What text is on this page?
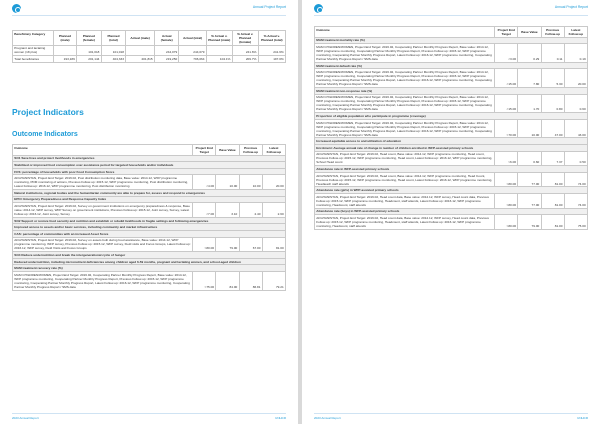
Annual Project Report
Beneficiary Category	Planned (male)	Planned (female)	Planned (total)	Actual (male)	Actual (female)	Actual (total)	% Actual v. Planned (male)	% Actual v. Planned (female)	% Actual v. Planned (total)
Pregnant and lactating women (18 plus)		101,018	101,018		244,079	244,079		241.6%	241.6%
Total beneficiaries	193,189	201,144	404,333	201,815	219,250	796,064	104.1%	209.7%	197.0%
Project Indicators
Outcome Indicators
Outcome	Project End Target	Base Value	Previous Follow-up	Latest Follow-up
SO1 Save lives and protect livelihoods in emergencies				
Stabilized or improved food consumption over assistance period for targeted households and/or individuals				
FCS: percentage of households with poor Food Consumption Score				
AFGHANISTAN, Project End Target: 2016.02, Post distribution monitoring data, Base value: 2014.12, WFP programme monitoring, PDM monitoring of actions, Previous Follow-up: 2015.12, WFP programme monitoring, Post distribution monitoring, Latest Follow-up: 2016.12, WFP programme monitoring, Post distribution monitoring	<4.00	10.00	10.00	20.00
Natural institutions, regional bodies and the humanitarian community are able to prepare for, assess and respond to emergencies				
EPCI: Emergency Preparedness and Response Capacity Index				
AFGHANISTAN, Project End Target: 2016.02, Survey on government institutions on emergency preparedness & response, Base value: 2014.12, WFP survey, WFP Survey on government institutions, Previous Follow-up: 2015.12, Joint survey, Survey, Latest Follow-up: 2016.12, Joint survey, Survey	<7.00	3.10	2.40	2.60
SO2 Support or restore food security and nutrition and establish or rebuild livelihoods in fragile settings and following emergencies				
Improved access to assets and/or basic services, including community and market infrastructure				
CAS: percentage of communities with an increased Asset Score				
AFGHANISTAN, Project End Target: 2016.02, Survey on assets built during food assistance, Base value: 2014.12, WFP programme monitoring, WFP survey, Previous Follow-up: 2015.12, WFP survey, Field visits and Focus Groups, Latest Follow-up: 2016.12, WFP survey, Field Visits and Focus Groups	>80.00	79.00	67.00	81.00
SO4 Reduce undernutrition and break the intergenerational cycle of hunger				
Reduced undernutrition, including micronutrient deficiencies among children aged 6-59 months, pregnant and lactating women, and school-aged children				
MAM treatment recovery rate (%)				
MAM CHILDREN/WOMEN, Project End Target: 2016.02, Cooperating Partner Monthly Progress Report, Base value: 2014.12, WFP programme monitoring, Cooperating Partner Monthly Progress Report, Previous Follow-up: 2015.12, WFP programme monitoring, Cooperating Partner Monthly Progress Report, Latest Follow-up: 2016.12, WFP programme monitoring, Cooperating Partner Monthly Progress Report / SMS data	>75.00	84.00	86.81	79.21
2023 Annual Report	UNHCR
Annual Project Report
Outcome	Project End Target	Base Value	Previous Follow-up	Latest Follow-up
MAM treatment mortality rate (%)				
MAM CHILDREN/WOMEN, Project End Target: 2016.02, Cooperating Partner Monthly Progress Report, Base value: 2014.12, WFP programme monitoring, Cooperating Partner Monthly Progress Report, Previous Follow-up: 2015.12, WFP programme monitoring, Cooperating Partner Monthly Progress Report, Latest Follow-up: 2016.12, WFP programme monitoring, Cooperating Partner Monthly Progress Report / SMS data	<3.00	0.29	0.11	0.19
MAM treatment default rate (%)				
MAM CHILDREN/WOMEN, Project End Target: 2016.02, Cooperating Partner Monthly Progress Report, Base value: 2014.12, WFP programme monitoring, Cooperating Partner Monthly Progress Report, Previous Follow-up: 2015.12, WFP programme monitoring, Cooperating Partner Monthly Progress Report, Latest Follow-up: 2016.12, WFP programme monitoring, Cooperating Partner Monthly Progress Report / SMS data	<15.00	7.80	5.30	20.00
MAM treatment non-response rate (%)				
MAM CHILDREN/WOMEN, Project End Target: 2016.02, Cooperating Partner Monthly Progress Report, Base value: 2014.12, WFP programme monitoring, Cooperating Partner Monthly Progress Report, Previous Follow-up: 2015.12, WFP programme monitoring, Cooperating Partner Monthly Progress Report, Latest Follow-up: 2016.12, WFP programme monitoring, Cooperating Partner Monthly Progress Report / SMS data	<15.00	1.70	0.80	0.60
Proportion of eligible population who participate in programme (coverage)				
MAM CHILDREN/WOMEN, Project End Target: 2016.02, Cooperating Partner Monthly Progress Report, Base value: 2014.12, WFP programme monitoring, Cooperating Partner Monthly Progress Report, Previous Follow-up: 2015.12, WFP programme monitoring, Cooperating Partner Monthly Progress Report, Latest Follow-up: 2016.12, WFP programme monitoring, Cooperating Partner Monthly Progress Report / SMS data	>70.00	10.00	47.00	43.00
Increased equitable access to and utilization of education				
Enrolment: Average annual rate of change in number of children enrolled in WFP-assisted primary schools				
AFGHANISTAN, Project End Target: 2016.02, Head count, Base value: 2014.12, WFP programme monitoring, Head count, Previous Follow-up: 2015.12, WFP programme monitoring, Head count, Latest Follow-up: 2016.12, WFP programme monitoring, School Head count	>6.00	0.60	7.37	0.50
Attendance rate in WFP-assisted primary schools				
AFGHANISTAN, Project End Target: 2016.02, Head count, Base value: 2014.12, WFP programme monitoring, Head Count, Previous Follow-up: 2015.12, WFP programme monitoring, Head count, Latest Follow-up: 2016.12, WFP programme monitoring, Headteach staff attends	>80.00	77.00	81.00	74.00
Attendance rate (girls) in WFP-assisted primary schools				
AFGHANISTAN, Project End Target: 2016.02, Head count data, Base value: 2014.12, WFP survey, Head count data, Previous Follow-up: 2015.12, WFP programme monitoring, Headcount, staff attends, Latest Follow-up: 2016.12, WFP programme monitoring, Headcount, staff attends	>80.00	77.00	81.00	74.00
Attendance rate (boys) in WFP-assisted primary schools				
AFGHANISTAN, Project End Target: 2016.02, Head count data, Base value: 2014.12, WFP survey, Head count data, Previous Follow-up: 2015.12, WFP programme monitoring, Headcount, staff attends, Latest Follow-up: 2016.12, WFP programme monitoring, Headcount, staff attends	>80.00	79.00	81.00	75.00
2023 Annual Report	UNHCR
